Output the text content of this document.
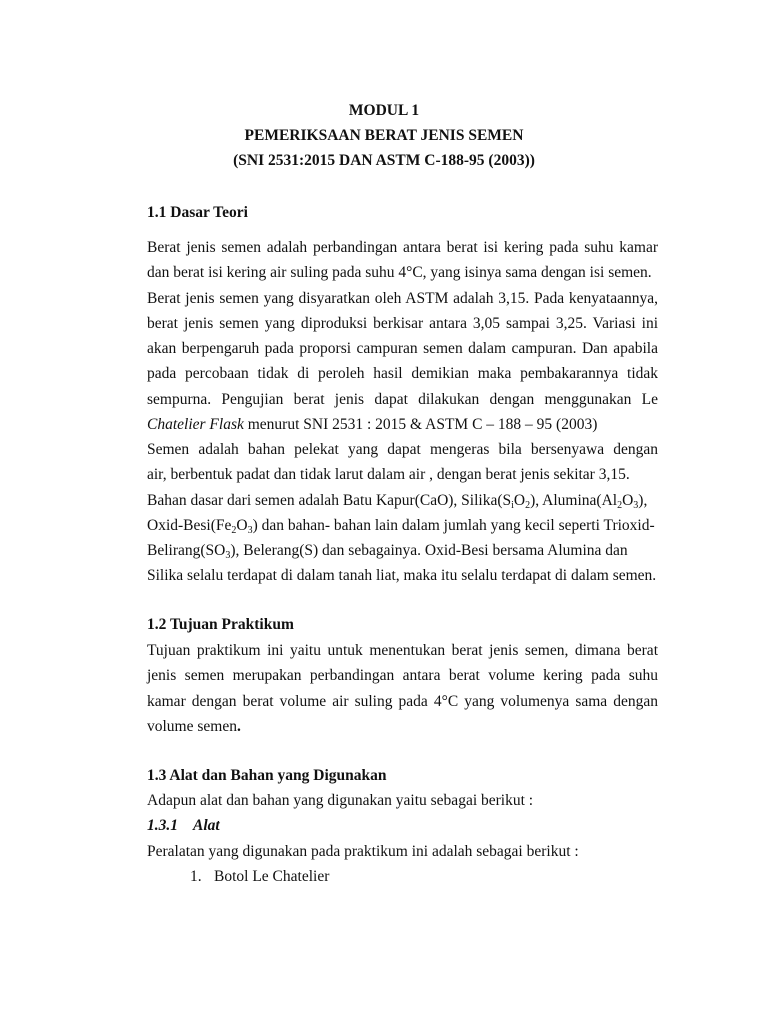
MODUL 1
PEMERIKSAAN BERAT JENIS SEMEN
(SNI 2531:2015 DAN ASTM C-188-95 (2003))

1.1 Dasar Teori

Berat jenis semen adalah perbandingan antara berat isi kering pada suhu kamar
dan berat isi kering air suling pada suhu 4°C, yang isinya sama dengan isi semen.
Berat jenis semen yang disyaratkan oleh ASTM adalah 3,15. Pada kenyataannya,
berat jenis semen yang diproduksi berkisar antara 3,05 sampai 3,25. Variasi ini
akan berpengaruh pada proporsi campuran semen dalam campuran. Dan apabila
pada percobaan tidak di peroleh hasil demikian maka pembakarannya tidak
sempurna. Pengujian berat jenis dapat dilakukan dengan menggunakan Le
Chatelier Flask menurut SNI 2531 : 2015 & ASTM C – 188 – 95 (2003)
Semen adalah bahan pelekat yang dapat mengeras bila bersenyawa dengan
air, berbentuk padat dan tidak larut dalam air , dengan berat jenis sekitar 3,15.
Bahan dasar dari semen adalah Batu Kapur(CaO), $Silika(S_iO_2)$, $Alumina(Al_2O_3)$,
Oxid-$Besi(Fe_2O_3)$ dan bahan- bahan lain dalam jumlah yang kecil seperti Trioxid-
$Belirang(SO_3)$, Belerang(S) dan sebagainya. Oxid-Besi bersama Alumina dan
Silika selalu terdapat di dalam tanah liat, maka itu selalu terdapat di dalam semen.

1.2 Tujuan Praktikum

Tujuan praktikum ini yaitu untuk menentukan berat jenis semen, dimana berat
jenis semen merupakan perbandingan antara berat volume kering pada suhu
kamar dengan berat volume air suling pada 4°C yang volumenya sama dengan
volume semen.

1.3 Alat dan Bahan yang Digunakan

Adapun alat dan bahan yang digunakan yaitu sebagai berikut :

1.3.1 Alat

Peralatan yang digunakan pada praktikum ini adalah sebagai berikut :

1. Botol Le Chatelier
